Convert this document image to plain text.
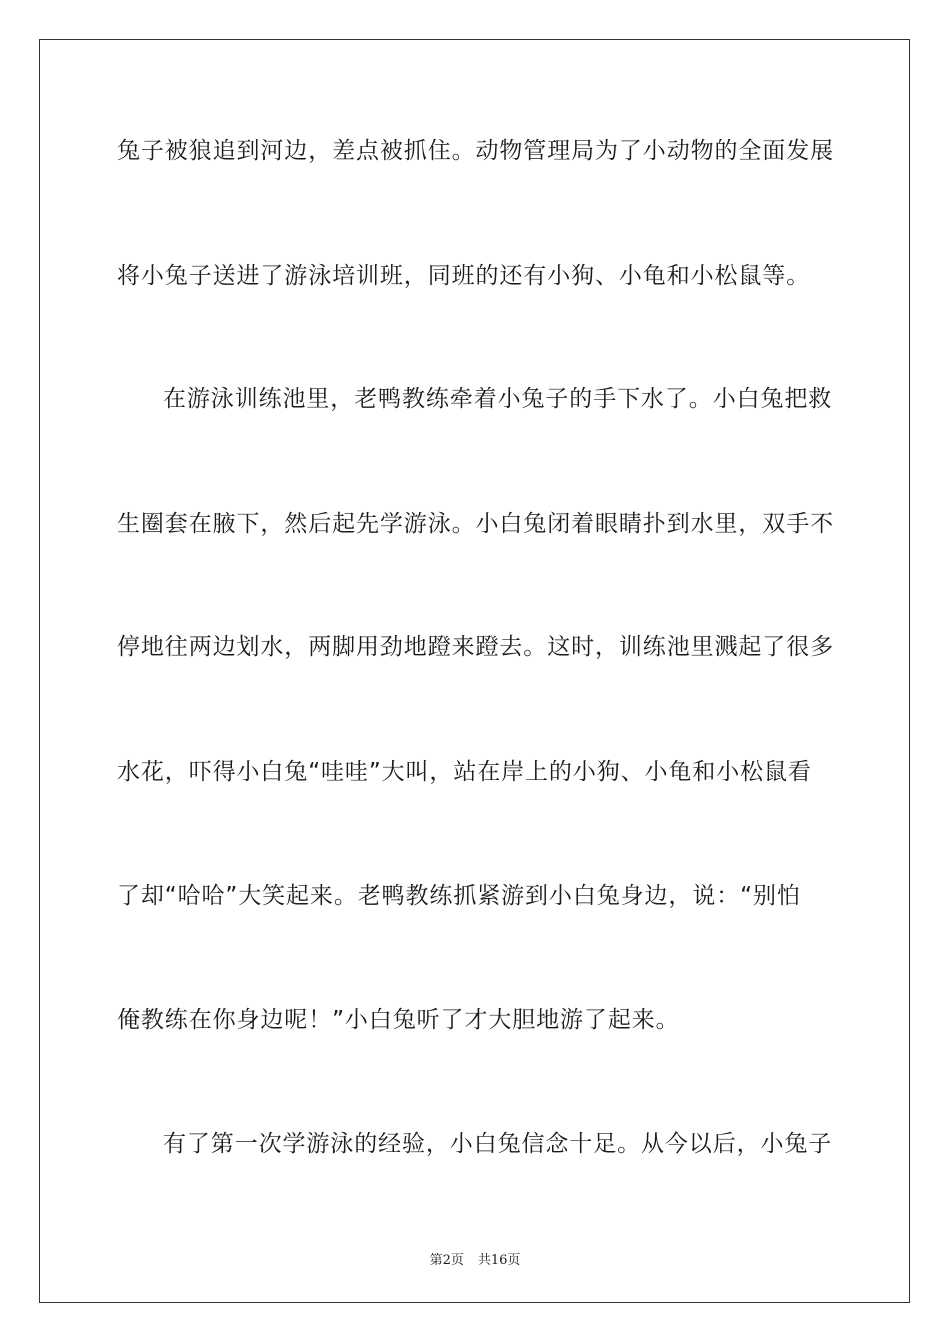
兔子被狼追到河边，差点被抓住。动物管理局为了小动物的全面发展
将小兔子送进了游泳培训班，同班的还有小狗、小龟和小松鼠等。
在游泳训练池里，老鸭教练牵着小兔子的手下水了。小白兔把救
生圈套在腋下，然后起先学游泳。小白兔闭着眼睛扑到水里，双手不
停地往两边划水，两脚用劲地蹬来蹬去。这时，训练池里溅起了很多
水花，吓得小白兔“哇哇”大叫，站在岸上的小狗、小龟和小松鼠看
了却“哈哈”大笑起来。老鸭教练抓紧游到小白兔身边，说：“别怕
俺教练在你身边呢！”小白兔听了才大胆地游了起来。
有了第一次学游泳的经验，小白兔信念十足。从今以后，小兔子
第2页 共16页
